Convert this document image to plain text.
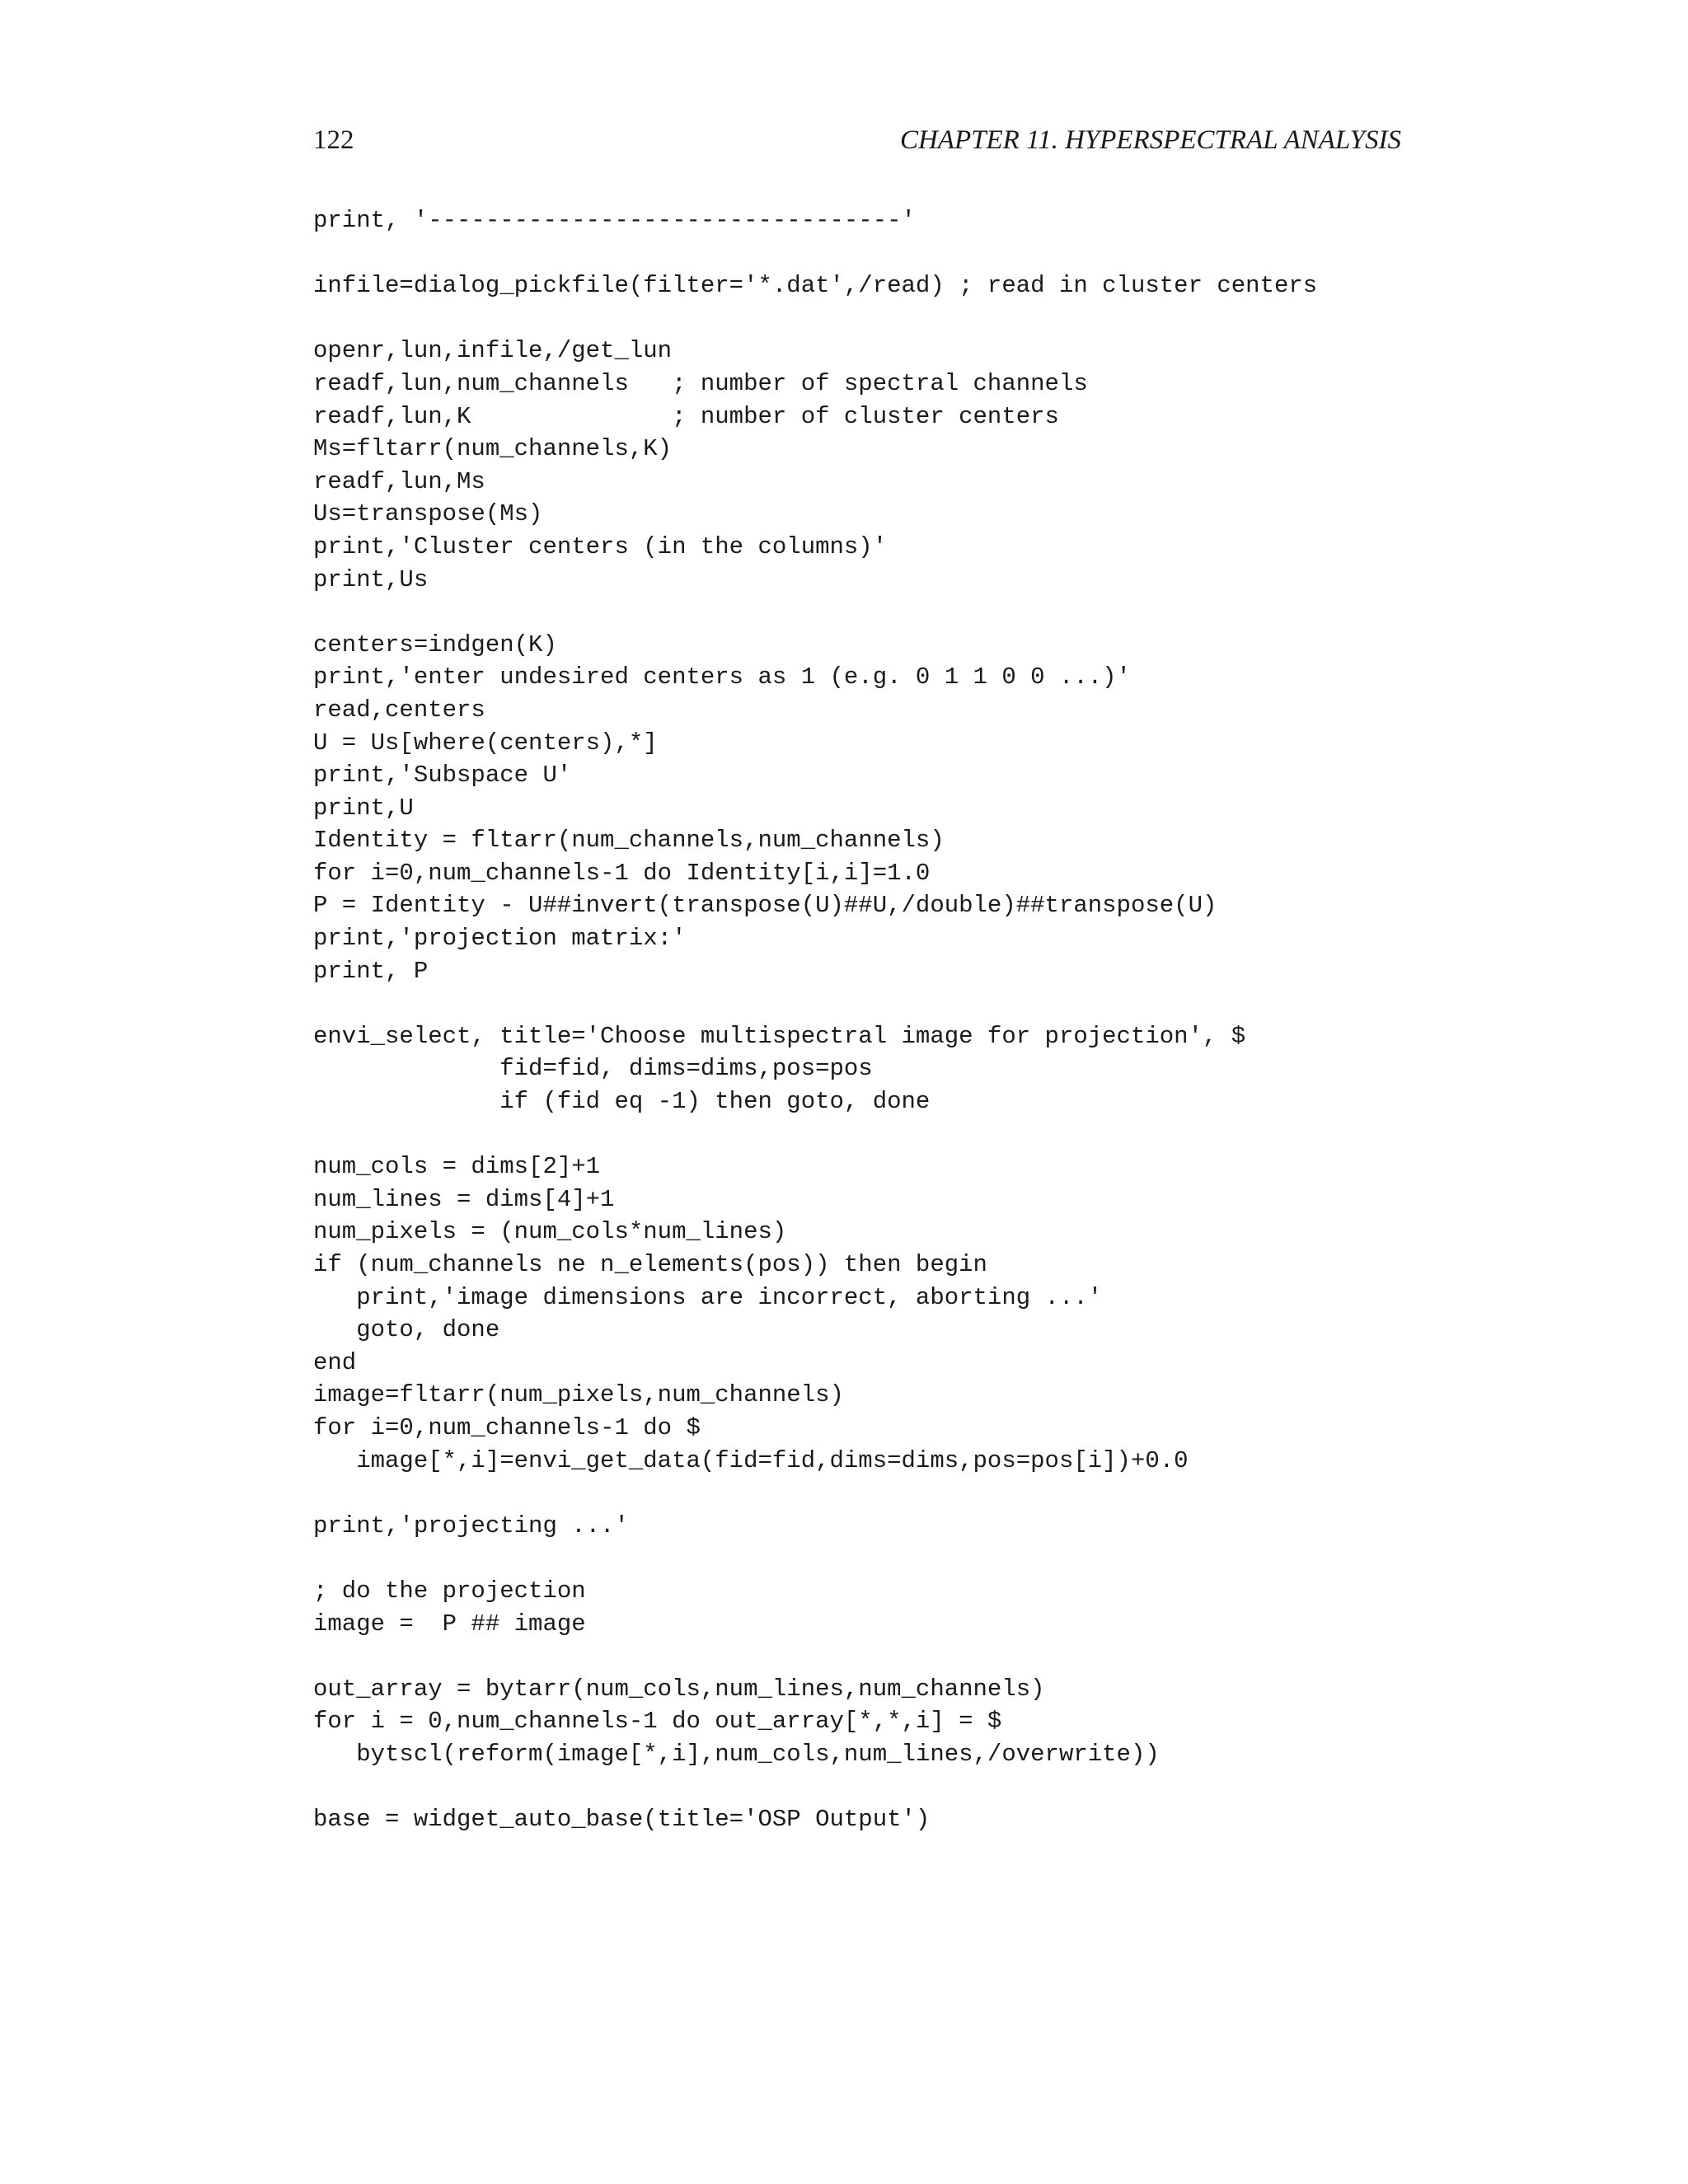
122	CHAPTER 11. HYPERSPECTRAL ANALYSIS
print, '---------------------------------'

infile=dialog_pickfile(filter='*.dat',/read) ; read in cluster centers

openr,lun,infile,/get_lun
readf,lun,num_channels   ; number of spectral channels
readf,lun,K              ; number of cluster centers
Ms=fltarr(num_channels,K)
readf,lun,Ms
Us=transpose(Ms)
print,'Cluster centers (in the columns)'
print,Us

centers=indgen(K)
print,'enter undesired centers as 1 (e.g. 0 1 1 0 0 ...)'
read,centers
U = Us[where(centers),*]
print,'Subspace U'
print,U
Identity = fltarr(num_channels,num_channels)
for i=0,num_channels-1 do Identity[i,i]=1.0
P = Identity - U##invert(transpose(U)##U,/double)##transpose(U)
print,'projection matrix:'
print, P

envi_select, title='Choose multispectral image for projection', $
fid=fid, dims=dims,pos=pos
if (fid eq -1) then goto, done

num_cols = dims[2]+1
num_lines = dims[4]+1
num_pixels = (num_cols*num_lines)
if (num_channels ne n_elements(pos)) then begin
print,'image dimensions are incorrect, aborting ...'
goto, done
end
image=fltarr(num_pixels,num_channels)
for i=0,num_channels-1 do $
image[*,i]=envi_get_data(fid=fid,dims=dims,pos=pos[i])+0.0

print,'projecting ...'

; do the projection
image =  P ## image

out_array = bytarr(num_cols,num_lines,num_channels)
for i = 0,num_channels-1 do out_array[*,*,i] = $
bytscl(reform(image[*,i],num_cols,num_lines,/overwrite))

base = widget_auto_base(title='OSP Output')
